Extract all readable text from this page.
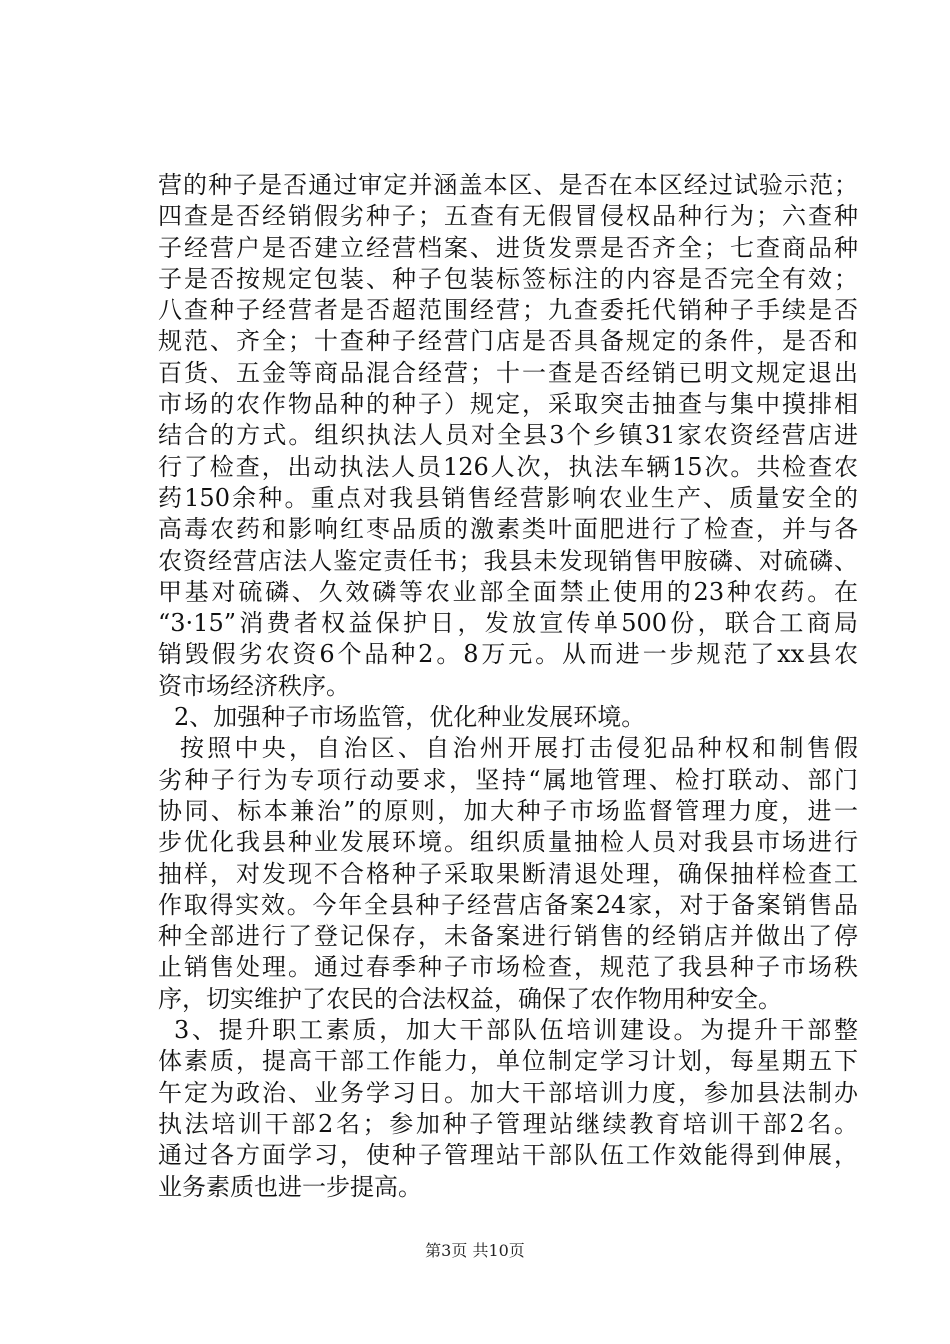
营的种子是否通过审定并涵盖本区、是否在本区经过试验示范；
四查是否经销假劣种子；五查有无假冒侵权品种行为；六查种
子经营户是否建立经营档案、进货发票是否齐全；七查商品种
子是否按规定包装、种子包装标签标注的内容是否完全有效；
八查种子经营者是否超范围经营；九查委托代销种子手续是否
规范、齐全；十查种子经营门店是否具备规定的条件，是否和
百货、五金等商品混合经营；十一查是否经销已明文规定退出
市场的农作物品种的种子）规定，采取突击抽查与集中摸排相
结合的方式。组织执法人员对全县3个乡镇31家农资经营店进
行了检查，出动执法人员126人次，执法车辆15次。共检查农
药150余种。重点对我县销售经营影响农业生产、质量安全的
高毒农药和影响红枣品质的激素类叶面肥进行了检查，并与各
农资经营店法人鉴定责任书；我县未发现销售甲胺磷、对硫磷、
甲基对硫磷、久效磷等农业部全面禁止使用的23种农药。在
“3·15”消费者权益保护日，发放宣传单500份，联合工商局
销毁假劣农资6个品种2。8万元。从而进一步规范了xx县农
资市场经济秩序。
2、加强种子市场监管，优化种业发展环境。
按照中央，自治区、自治州开展打击侵犯品种权和制售假
劣种子行为专项行动要求，坚持“属地管理、检打联动、部门
协同、标本兼治”的原则，加大种子市场监督管理力度，进一
步优化我县种业发展环境。组织质量抽检人员对我县市场进行
抽样，对发现不合格种子采取果断清退处理，确保抽样检查工
作取得实效。今年全县种子经营店备案24家，对于备案销售品
种全部进行了登记保存，未备案进行销售的经销店并做出了停
止销售处理。通过春季种子市场检查，规范了我县种子市场秩
序，切实维护了农民的合法权益，确保了农作物用种安全。
3、提升职工素质，加大干部队伍培训建设。为提升干部整
体素质，提高干部工作能力，单位制定学习计划，每星期五下
午定为政治、业务学习日。加大干部培训力度，参加县法制办
执法培训干部2名；参加种子管理站继续教育培训干部2名。
通过各方面学习，使种子管理站干部队伍工作效能得到伸展，
业务素质也进一步提高。
第3页 共10页
